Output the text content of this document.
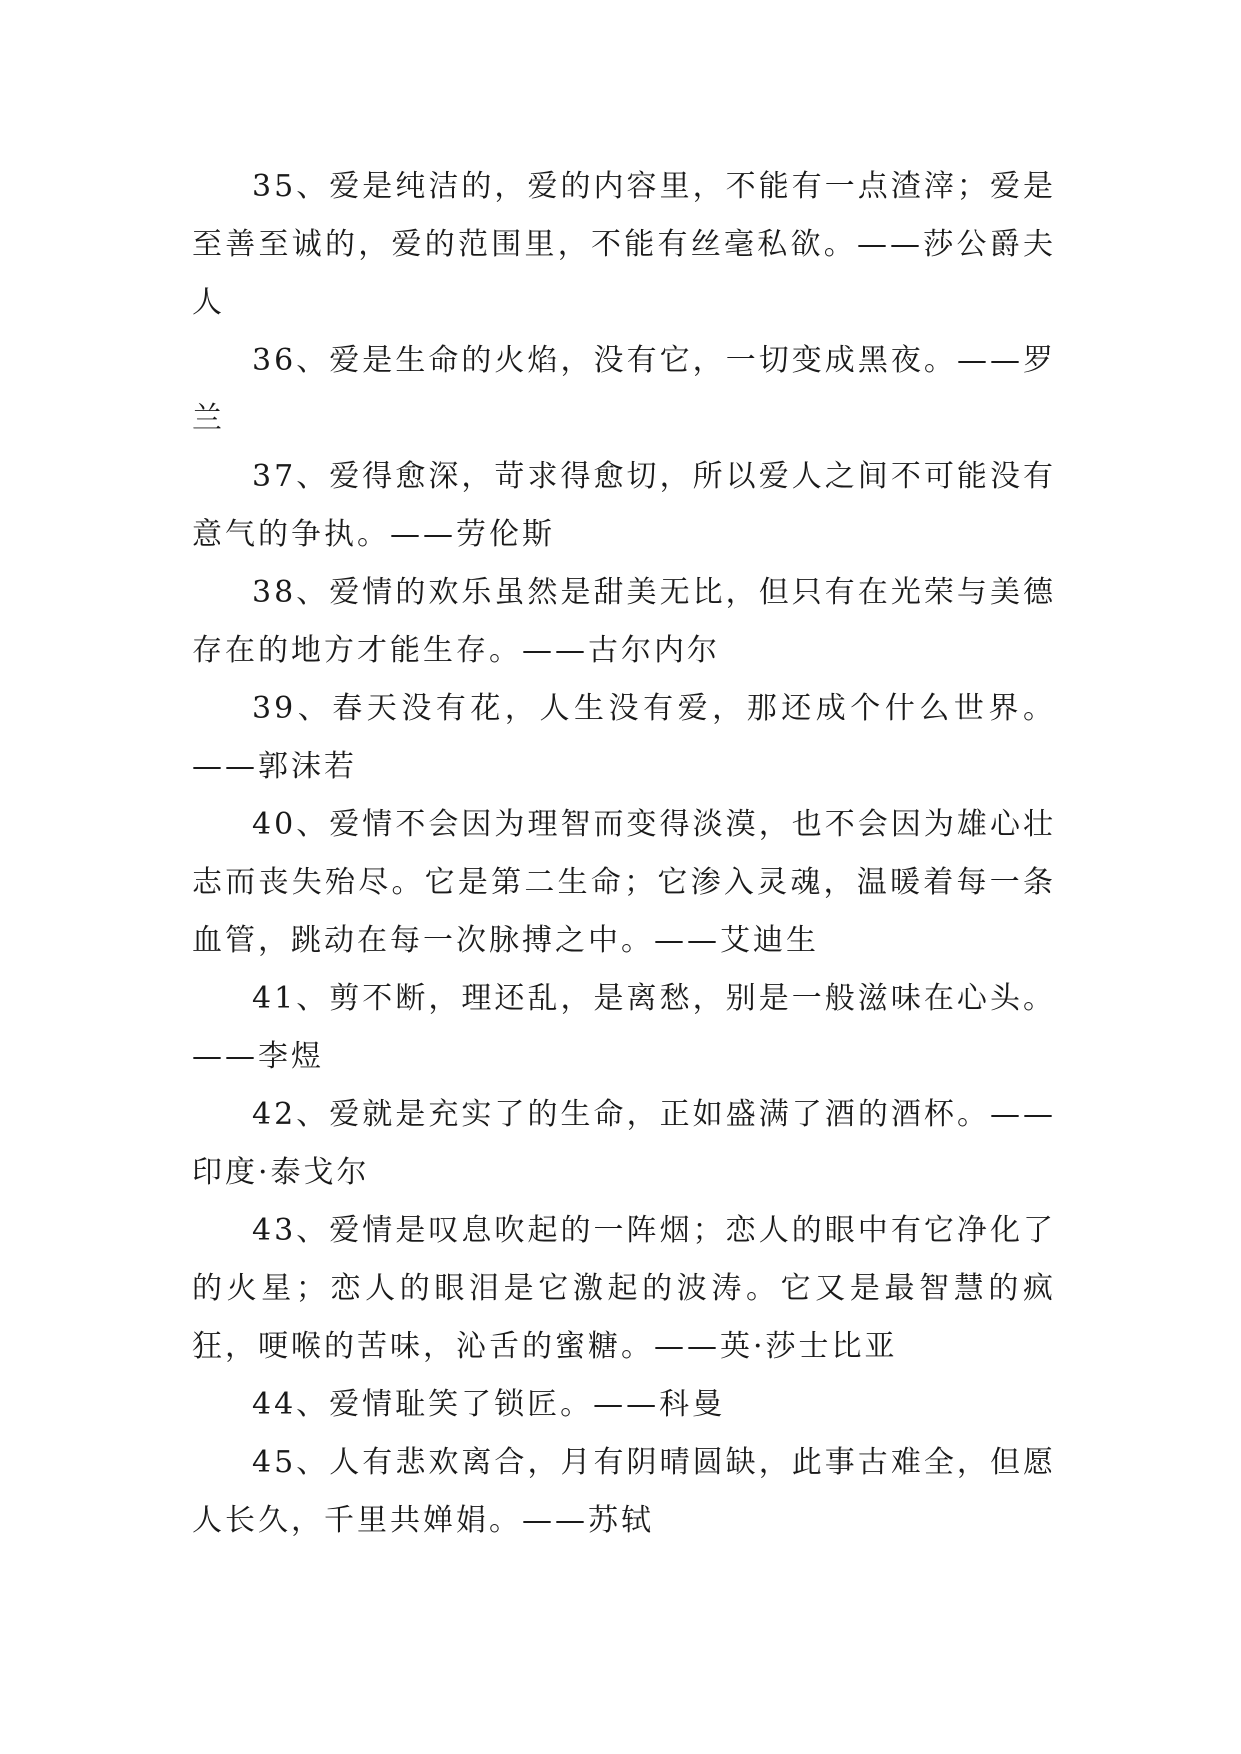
35、爱是纯洁的，爱的内容里，不能有一点渣滓；爱是至善至诚的，爱的范围里，不能有丝毫私欲。——莎公爵夫人

36、爱是生命的火焰，没有它，一切变成黑夜。——罗兰

37、爱得愈深，苛求得愈切，所以爱人之间不可能没有意气的争执。——劳伦斯

38、爱情的欢乐虽然是甜美无比，但只有在光荣与美德存在的地方才能生存。——古尔内尔

39、春天没有花，人生没有爱，那还成个什么世界。——郭沫若

40、爱情不会因为理智而变得淡漠，也不会因为雄心壮志而丧失殆尽。它是第二生命；它渗入灵魂，温暖着每一条血管，跳动在每一次脉搏之中。——艾迪生

41、剪不断，理还乱，是离愁，别是一般滋味在心头。——李煜

42、爱就是充实了的生命，正如盛满了酒的酒杯。——印度·泰戈尔

43、爱情是叹息吹起的一阵烟；恋人的眼中有它净化了的火星；恋人的眼泪是它激起的波涛。它又是最智慧的疯狂，哽喉的苦味，沁舌的蜜糖。——英·莎士比亚

44、爱情耻笑了锁匠。——科曼

45、人有悲欢离合，月有阴晴圆缺，此事古难全，但愿人长久，千里共婵娟。——苏轼
